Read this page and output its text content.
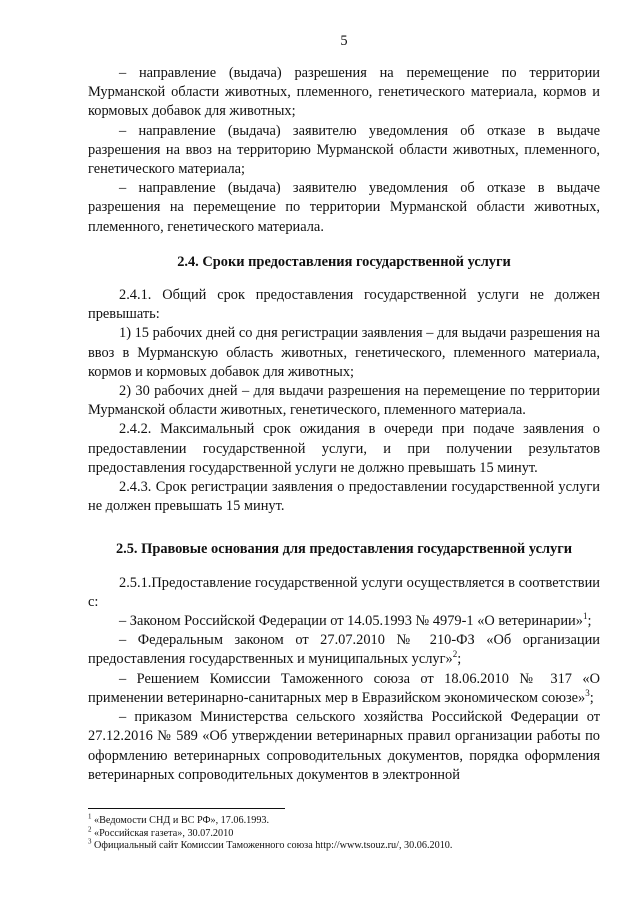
5

– направление (выдача) разрешения на перемещение по территории Мурманской области животных, племенного, генетического материала, кормов и кормовых добавок для животных;

– направление (выдача) заявителю уведомления об отказе в выдаче разрешения на ввоз на территорию Мурманской области животных, племенного, генетического материала;

– направление (выдача) заявителю уведомления об отказе в выдаче разрешения на перемещение по территории Мурманской области животных, племенного, генетического материала.

2.4. Сроки предоставления государственной услуги

2.4.1. Общий срок предоставления государственной услуги не должен превышать:

1) 15 рабочих дней со дня регистрации заявления – для выдачи разрешения на ввоз в Мурманскую область животных, генетического, племенного материала, кормов и кормовых добавок для животных;

2) 30 рабочих дней – для выдачи разрешения на перемещение по территории Мурманской области животных, генетического, племенного материала.

2.4.2. Максимальный срок ожидания в очереди при подаче заявления о предоставлении государственной услуги, и при получении результатов предоставления государственной услуги не должно превышать 15 минут.

2.4.3. Срок регистрации заявления о предоставлении государственной услуги не должен превышать 15 минут.

2.5. Правовые основания для предоставления государственной услуги

2.5.1.Предоставление государственной услуги осуществляется в соответствии с:

– Законом Российской Федерации от 14.05.1993 № 4979-1 «О ветеринарии»$^1$;

– Федеральным законом от 27.07.2010 № 210-ФЗ «Об организации предоставления государственных и муниципальных услуг»$^2$;

– Решением Комиссии Таможенного союза от 18.06.2010 № 317 «О применении ветеринарно-санитарных мер в Евразийском экономическом союзе»$^3$;

– приказом Министерства сельского хозяйства Российской Федерации от 27.12.2016 № 589 «Об утверждении ветеринарных правил организации работы по оформлению ветеринарных сопроводительных документов, порядка оформления ветеринарных сопроводительных документов в электронной

$^1$ «Ведомости СНД и ВС РФ», 17.06.1993.
$^2$ «Российская газета», 30.07.2010
$^3$ Официальный сайт Комиссии Таможенного союза http://www.tsouz.ru/, 30.06.2010.
